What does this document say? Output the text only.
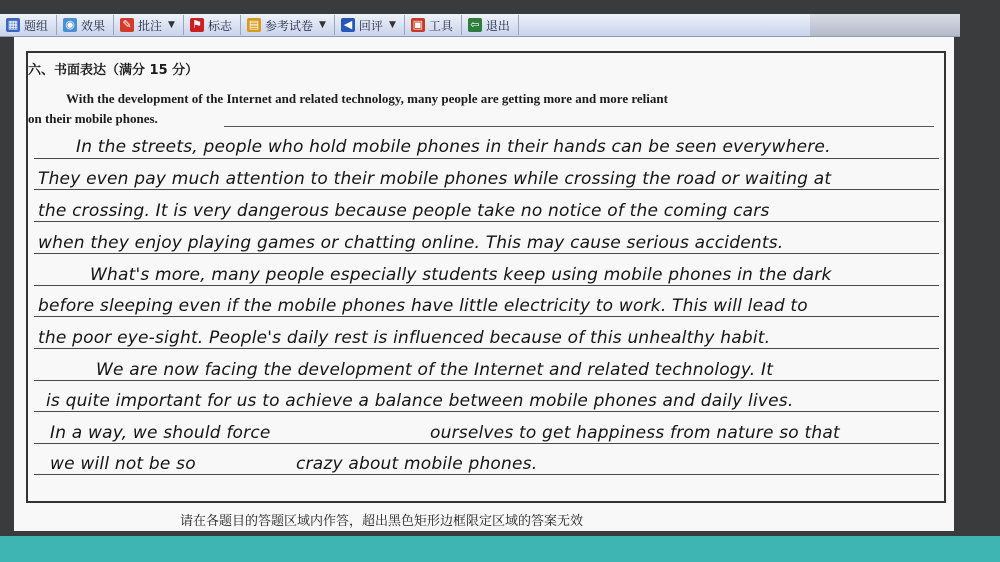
▦ 题组 ◉ 效果 ✎ 批注 ▼ ⚑ 标志 ▤ 参考试卷 ▼ ◀ 回评 ▼ ▣ 工具 ⇦ 退出
六、书面表达（满分 15 分）
With the development of the Internet and related technology, many people are getting more and more reliant
on their mobile phones.
In the streets, people who hold mobile phones in their hands can be seen everywhere.
They even pay much attention to their mobile phones while crossing the road or waiting at
the crossing. It is very dangerous because people take no notice of the coming cars
when they enjoy playing games or chatting online. This may cause serious accidents.
What's more, many people especially students keep using mobile phones in the dark
before sleeping even if the mobile phones have little electricity to work. This will lead to
the poor eye-sight. People's daily rest is influenced because of this unhealthy habit.
We are now facing the development of the Internet and related technology. It
is quite important for us to achieve a balance between mobile phones and daily lives.
In a way, we should force	ourselves to get happiness from nature so that
we will not be so	crazy about mobile phones.
请在各题目的答题区域内作答，超出黑色矩形边框限定区域的答案无效
